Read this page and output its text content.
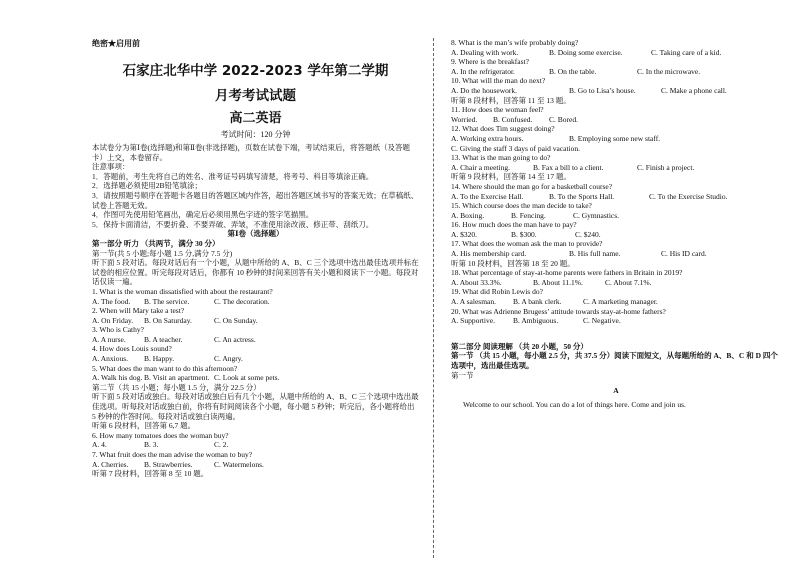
绝密★启用前
石家庄北华中学 2022-2023 学年第二学期
月考考试试题
高二英语
考试时间：120 分钟
本试卷分为第Ⅰ卷(选择题)和第Ⅱ卷(非选择题)，页数在试卷下端，考试结束后，将答题纸（及答题卡）上交，本卷留存。
注意事项：
1．答题前，考生先将自己的姓名、准考证号码填写清楚，将考号、科目等填涂正确。
2．选择题必须使用2B铅笔填涂；
3．请按照题号顺序在答题卡各题目的答题区域内作答，超出答题区域书写的答案无效；在草稿纸、试卷上答题无效。
4．作图可先使用铅笔画出，确定后必须用黑色字迹的签字笔描黑。
5．保持卡面清洁，不要折叠、不要弄破、弄皱，不准使用涂改液、修正带、刮纸刀。
第Ⅰ卷（选择题）
第一部分 听力 （共两节，满分 30 分）
第一节(共 5 小题;每小题 1.5 分,满分 7.5 分)
听下面 5 段对话。每段对话后有一个小题，从题中所给的 A、B、C 三个选项中选出最佳选项并标在试卷的相应位置。听完每段对话后，你都有 10 秒钟的时间来回答有关小题和阅读下一小题。每段对话仅读一遍。
1. What is the woman dissatisfied with about the restaurant?
A. The food. B. The service.	C. The decoration.
2. When will Mary take a test?
A. On Friday. B. On Saturday.	C. On Sunday.
3. Who is Cathy?
A. A nurse. B. A teacher.	C. An actress.
4. How does Louis sound?
A. Anxious. B. Happy.	C. Angry.
5. What does the man want to do this afternoon?
A. Walk his dog. B. Visit an apartment. C. Look at some pets.
第二节（共 15 小题；每小题 1.5 分，满分 22.5 分）
听下面 5 段对话或独白。每段对话或独白后有几个小题，从题中所给的 A、B、C 三个选项中选出最佳选项。听每段对话或独白前，你将有时间阅读各个小题，每小题 5 秒钟；听完后，各小题将给出 5 秒钟的作答时间。每段对话或独白读两遍。
听第 6 段材料，回答第 6,7 题。
6. How many tomatoes does the woman buy?
A. 4.	B. 3.	C. 2.
7. What fruit does the man advise the woman to buy?
A. Cherries. B. Strawberries.	C. Watermelons.
听第 7 段材料，回答第 8 至 10 题。
8. What is the man’s wife probably doing?
A. Dealing with work.	B. Doing some exercise.	C. Taking care of a kid.
9. Where is the breakfast?
A. In the refrigerator.	B. On the table.	C. In the microwave.
10. What will the man do next?
A. Do the housework.	B. Go to Lisa’s house.	C. Make a phone call.
听第 8 段材料，回答第 11 至 13 题。
11. How does the woman feel?
Worried. B. Confused. C. Bored.
12. What does Tim suggest doing?
A. Working extra hours.	B. Employing some new staff.
C. Giving the staff 3 days of paid vacation.
13. What is the man going to do?
A. Chair a meeting.	B. Fax a bill to a client.	C. Finish a project.
听第 9 段材料，回答第 14 至 17 题。
14. Where should the man go for a basketball course?
A. To the Exercise Hall.	B. To the Sports Hall.	C. To the Exercise Studio.
15. Which course does the man decide to take?
A. Boxing.	B. Fencing.	C. Gymnastics.
16. How much does the man have to pay?
A. $320.	B. $300.	C. $240.
17. What does the woman ask the man to provide?
A. His membership card.	B. His full name.	C. His ID card.
听第 10 段材料，回答第 18 至 20 题。
18. What percentage of stay-at-home parents were fathers in Britain in 2019?
A. About 33.3%.	B. About 11.1%.	C. About 7.1%.
19. What did Robin Lewis do?
A. A salesman. B. A bank clerk.	C. A marketing manager.
20. What was Adrienne Brugess’ attitude towards stay-at-home fathers?
A. Supportive. B. Ambiguous.	C. Negative.
第二部分 阅读理解 （共 20 小题，50 分）
第一节 （共 15 小题，每小题 2.5 分，共 37.5 分）阅读下面短文，从每题所给的 A、B、C 和 D 四个选项中，选出最佳选项。
第一节
A
Welcome to our school. You can do a lot of things here. Come and join us.
